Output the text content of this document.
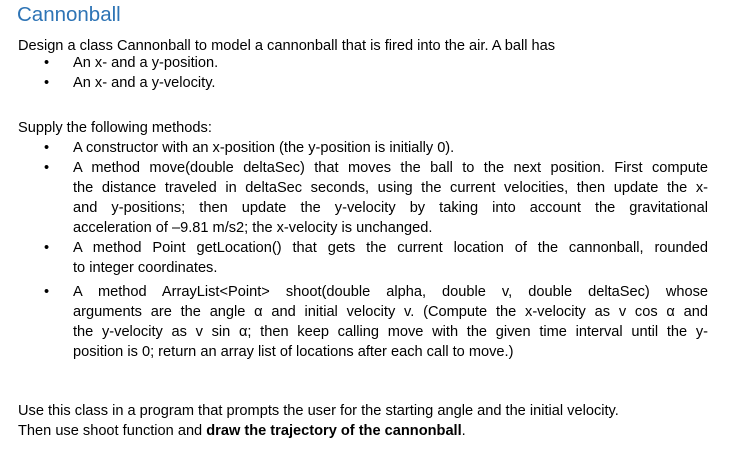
Cannonball
Design a class Cannonball to model a cannonball that is fired into the air. A ball has
•	An x- and a y-position.
•	An x- and a y-velocity.
Supply the following methods:
•	A constructor with an x-position (the y-position is initially 0).
•	A method move(double deltaSec) that moves the ball to the next position. First compute
the distance traveled in deltaSec seconds, using the current velocities, then update the x-
and y-positions; then update the y-velocity by taking into account the gravitational
acceleration of –9.81 m/s2; the x-velocity is unchanged.
•	A method Point getLocation() that gets the current location of the cannonball, rounded
to integer coordinates.
•	A method ArrayList<Point> shoot(double alpha, double v, double deltaSec) whose
arguments are the angle α and initial velocity v. (Compute the x-velocity as v cos α and
the y-velocity as v sin α; then keep calling move with the given time interval until the y-
position is 0; return an array list of locations after each call to move.)
Use this class in a program that prompts the user for the starting angle and the initial velocity.
Then use shoot function and draw the trajectory of the cannonball.
